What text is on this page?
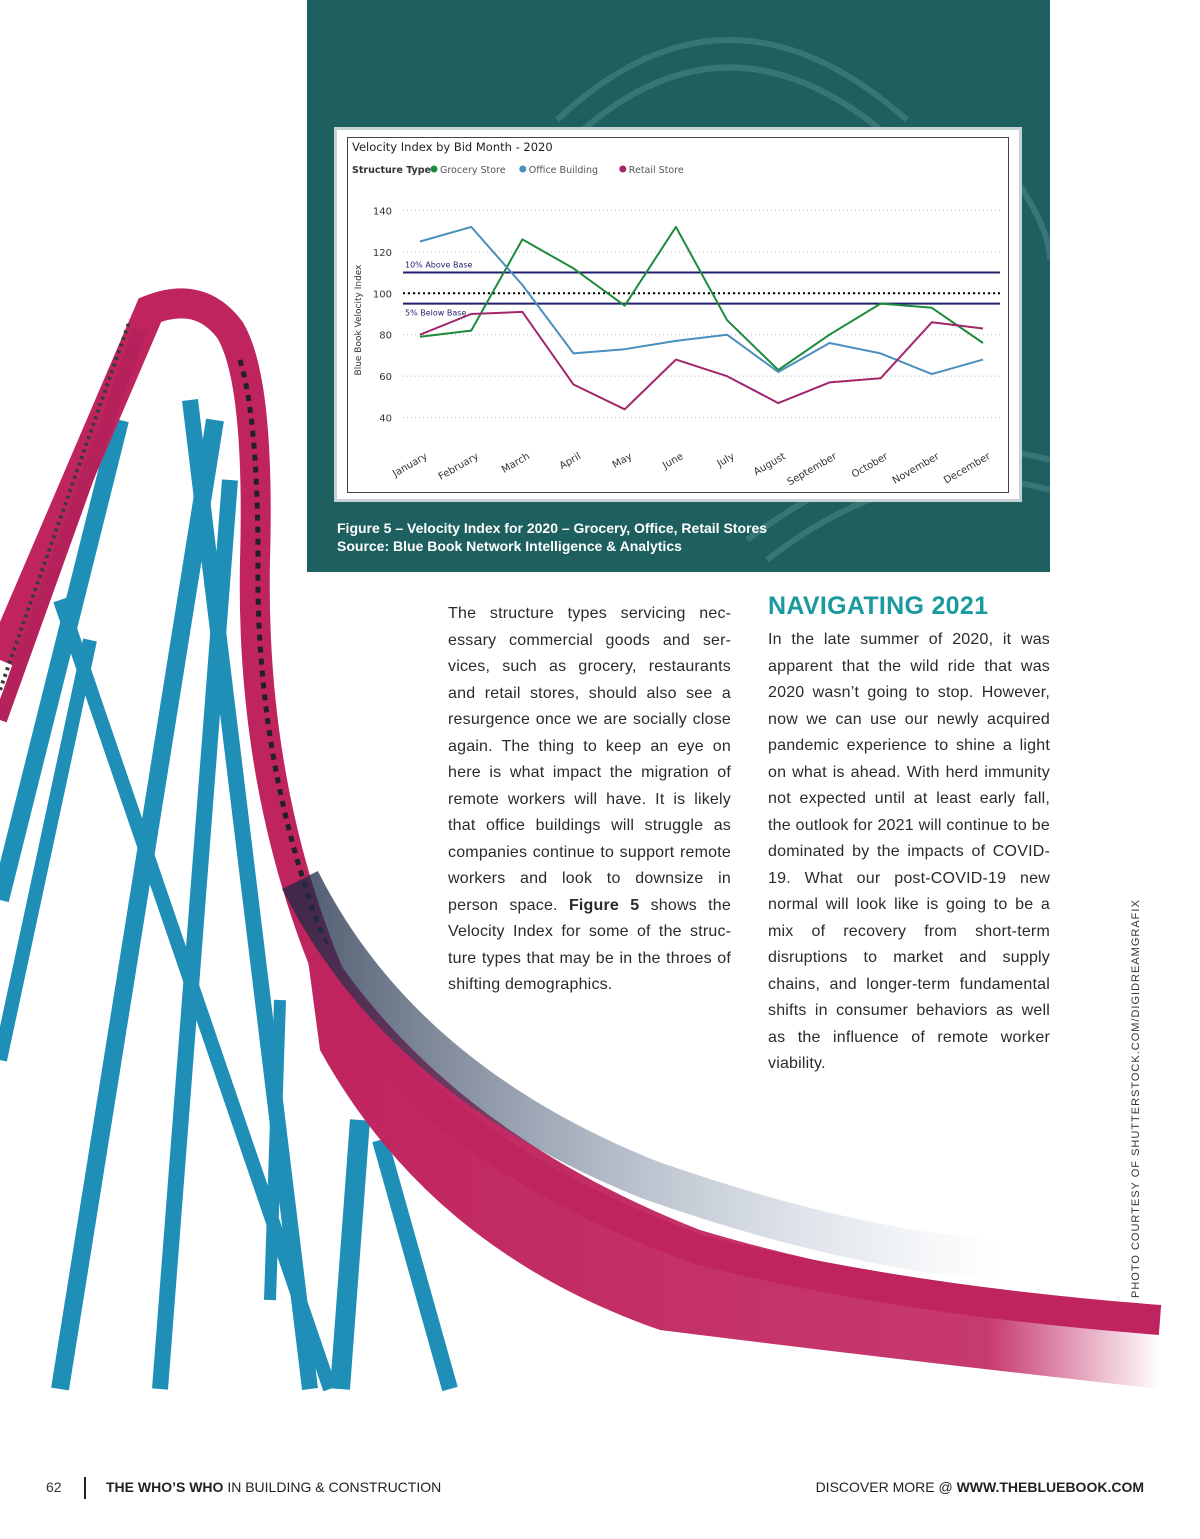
Velocity Index by Bid Month - 2020
Structure Type Grocery Store Office Building	Retail Store
Blue Book Velocity Index	10% Above Base
5% Below Base
40
60
80
100
120
140
January February March	April	May	June	July August
September October November December
Figure 5 – Velocity Index for 2020 – Grocery, Office, Retail Stores
Source: Blue Book Network Intelligence & Analytics

The structure types servicing necessary commercial goods and services, such as grocery, restaurants and retail stores, should also see a resurgence once we are socially close again. The thing to keep an eye on here is what impact the migration of remote workers will have. It is likely that office buildings will struggle as companies continue to support remote workers and look to downsize in person space. Figure 5 shows the Velocity Index for some of the structure types that may be in the throes of shifting demographics.

NAVIGATING 2021

In the late summer of 2020, it was apparent that the wild ride that was 2020 wasn’t going to stop. However, now we can use our newly acquired pandemic experience to shine a light on what is ahead. With herd immunity not expected until at least early fall, the outlook for 2021 will continue to be dominated by the impacts of COVID-19. What our post-COVID-19 new normal will look like is going to be a mix of recovery from short-term disruptions to market and supply chains, and longer-term fundamental shifts in consumer behaviors as well as the influence of remote worker viability.	PHOTO COURTESY OF SHUTTERSTOCK.COM/DIGIDREAMGRAFIX
62	THE WHO’S WHO IN BUILDING & CONSTRUCTION	DISCOVER MORE @ WWW.THEBLUEBOOK.COM
